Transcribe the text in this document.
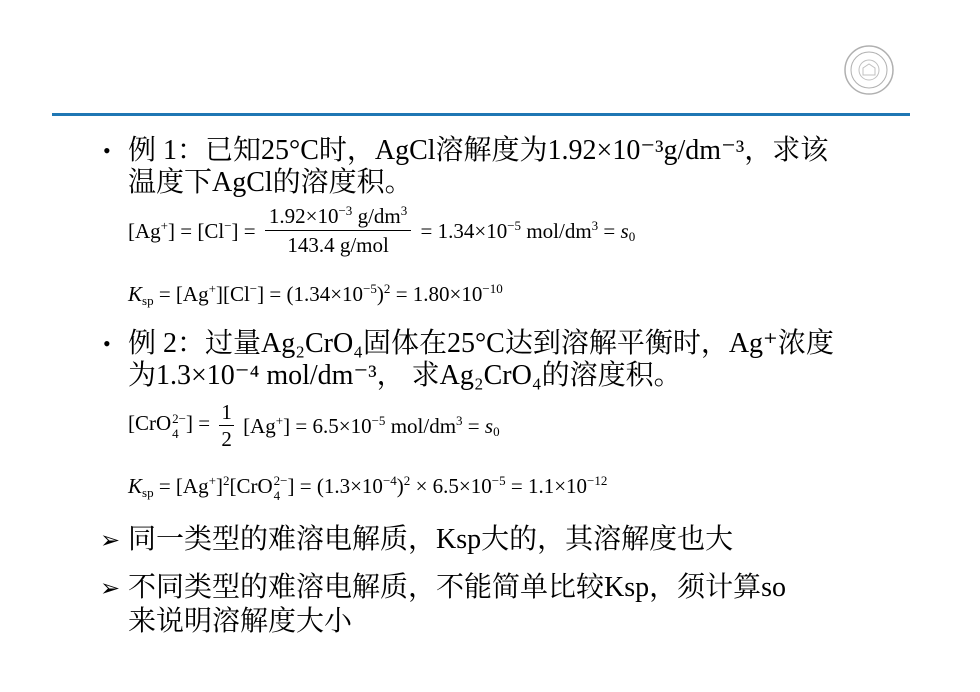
• 例 1：已知25°C时，AgCl溶解度为1.92×10⁻³g/dm⁻³，求该
温度下AgCl的溶度积。
$[Ag^+] = [Cl^-] = \frac{1.92\times 10^{-3} g/dm^3}{\text{143.4 g/mol}} = 1.34\times 10^{-5}$ mol/$dm^3 = s_0$
$K_{sp} = [Ag^+][Cl^-] = (1.34\times 10^{-5})^2 = 1.80\times 10^{-10}$
• 例 2：过量Ag₂CrO₄固体在25°C达到溶解平衡时，Ag⁺浓度
为1.3×10⁻⁴ mol/dm⁻³， 求Ag₂CrO₄的溶度积。
[CrO 2−
4 ] = $\frac{1}{2} [Ag^+] = 6.5\times 10^{-5}$ mol/$dm^3 = s_0$
$K_{sp} = [Ag^+]^2[CrO$ 2−
4 ] = $(1.3\times 10^{-4})^2 \times 6.5\times 10^{-5} = 1.1\times 10^{-12}$
➢ 同一类型的难溶电解质，Ksp大的，其溶解度也大
➢ 不同类型的难溶电解质，不能简单比较Ksp，须计算so
来说明溶解度大小
